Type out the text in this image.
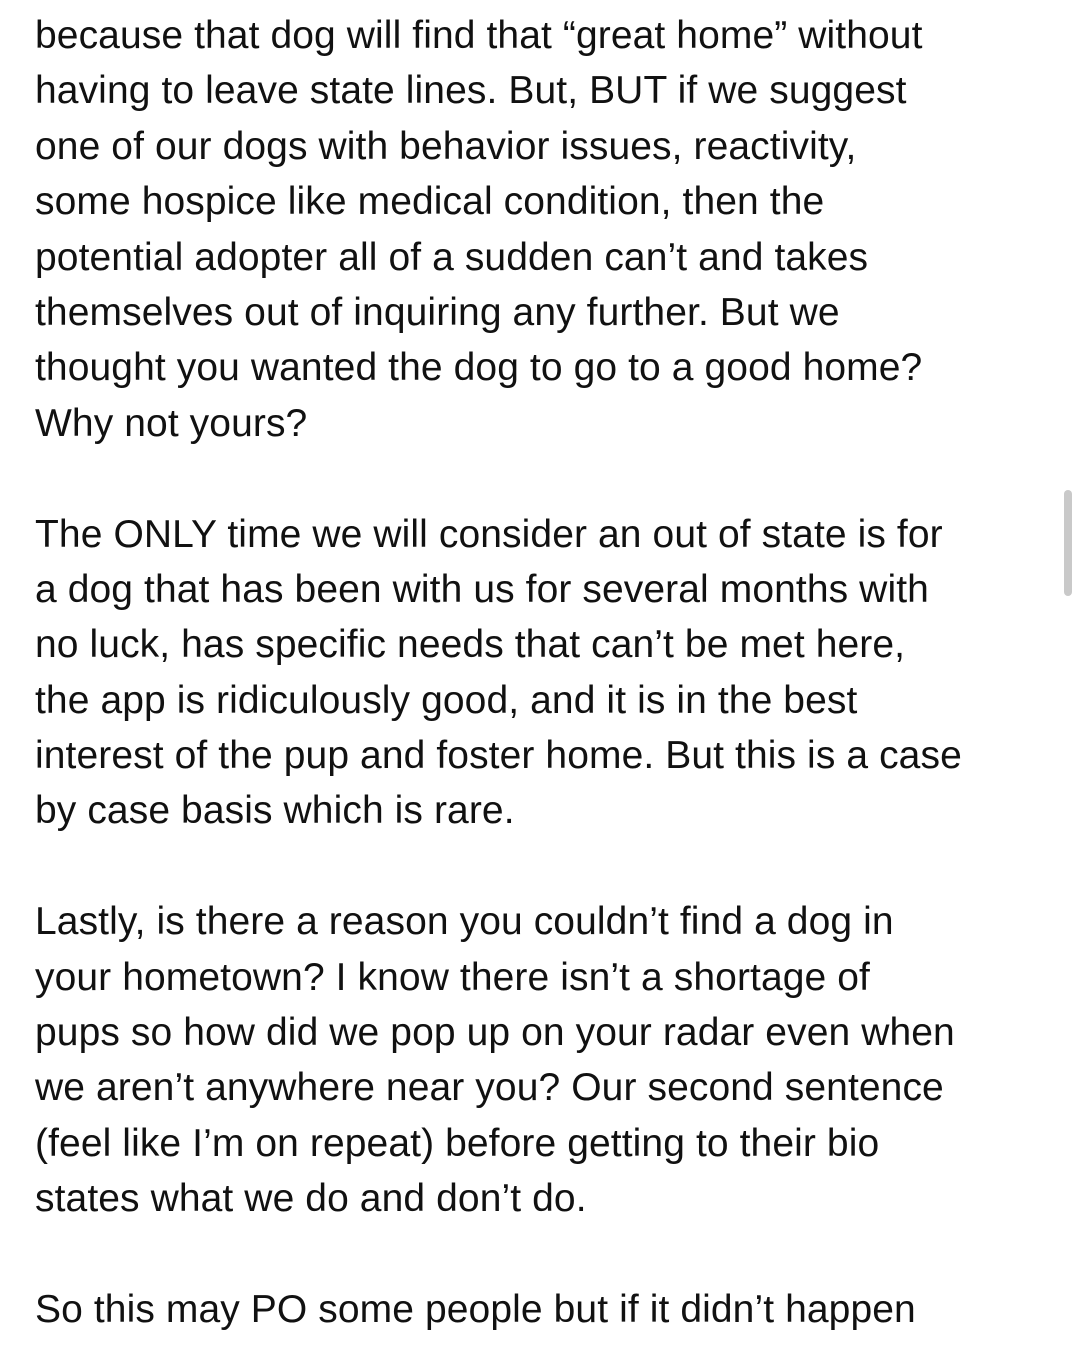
because that dog will find that “great home” without
having to leave state lines. But, BUT if we suggest
one of our dogs with behavior issues, reactivity,
some hospice like medical condition, then the
potential adopter all of a sudden can’t and takes
themselves out of inquiring any further. But we
thought you wanted the dog to go to a good home?
Why not yours?
The ONLY time we will consider an out of state is for
a dog that has been with us for several months with
no luck, has specific needs that can’t be met here,
the app is ridiculously good, and it is in the best
interest of the pup and foster home. But this is a case
by case basis which is rare.
Lastly, is there a reason you couldn’t find a dog in
your hometown? I know there isn’t a shortage of
pups so how did we pop up on your radar even when
we aren’t anywhere near you? Our second sentence
(feel like I’m on repeat) before getting to their bio
states what we do and don’t do.
So this may PO some people but if it didn’t happen
